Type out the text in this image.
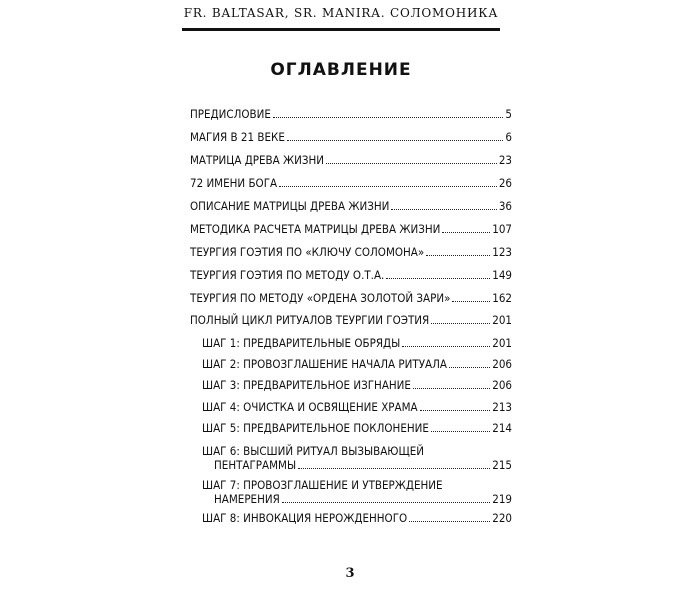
FR. BALTASAR, SR. MANIRA. СОЛОМОНИКА
ОГЛАВЛЕНИЕ
ПРЕДИСЛОВИЕ	5
МАГИЯ В 21 ВЕКЕ	6
МАТРИЦА ДРЕВА ЖИЗНИ	23
72 ИМЕНИ БОГА	26
ОПИСАНИЕ МАТРИЦЫ ДРЕВА ЖИЗНИ	36
МЕТОДИКА РАСЧЕТА МАТРИЦЫ ДРЕВА ЖИЗНИ	107
ТЕУРГИЯ ГОЭТИЯ ПО «КЛЮЧУ СОЛОМОНА»	123
ТЕУРГИЯ ГОЭТИЯ ПО МЕТОДУ О.Т.А.	149
ТЕУРГИЯ ПО МЕТОДУ «ОРДЕНА ЗОЛОТОЙ ЗАРИ»	162
ПОЛНЫЙ ЦИКЛ РИТУАЛОВ ТЕУРГИИ ГОЭТИЯ	201
ШАГ 1: ПРЕДВАРИТЕЛЬНЫЕ ОБРЯДЫ	201
ШАГ 2: ПРОВОЗГЛАШЕНИЕ НАЧАЛА РИТУАЛА	206
ШАГ 3: ПРЕДВАРИТЕЛЬНОЕ ИЗГНАНИЕ	206
ШАГ 4: ОЧИСТКА И ОСВЯЩЕНИЕ ХРАМА	213
ШАГ 5: ПРЕДВАРИТЕЛЬНОЕ ПОКЛОНЕНИЕ	214
ШАГ 6: ВЫСШИЙ РИТУАЛ ВЫЗЫВАЮЩЕЙ
ПЕНТАГРАММЫ	215
ШАГ 7: ПРОВОЗГЛАШЕНИЕ И УТВЕРЖДЕНИЕ
НАМЕРЕНИЯ	219
ШАГ 8: ИНВОКАЦИЯ НЕРОЖДЕННОГО	220
3
